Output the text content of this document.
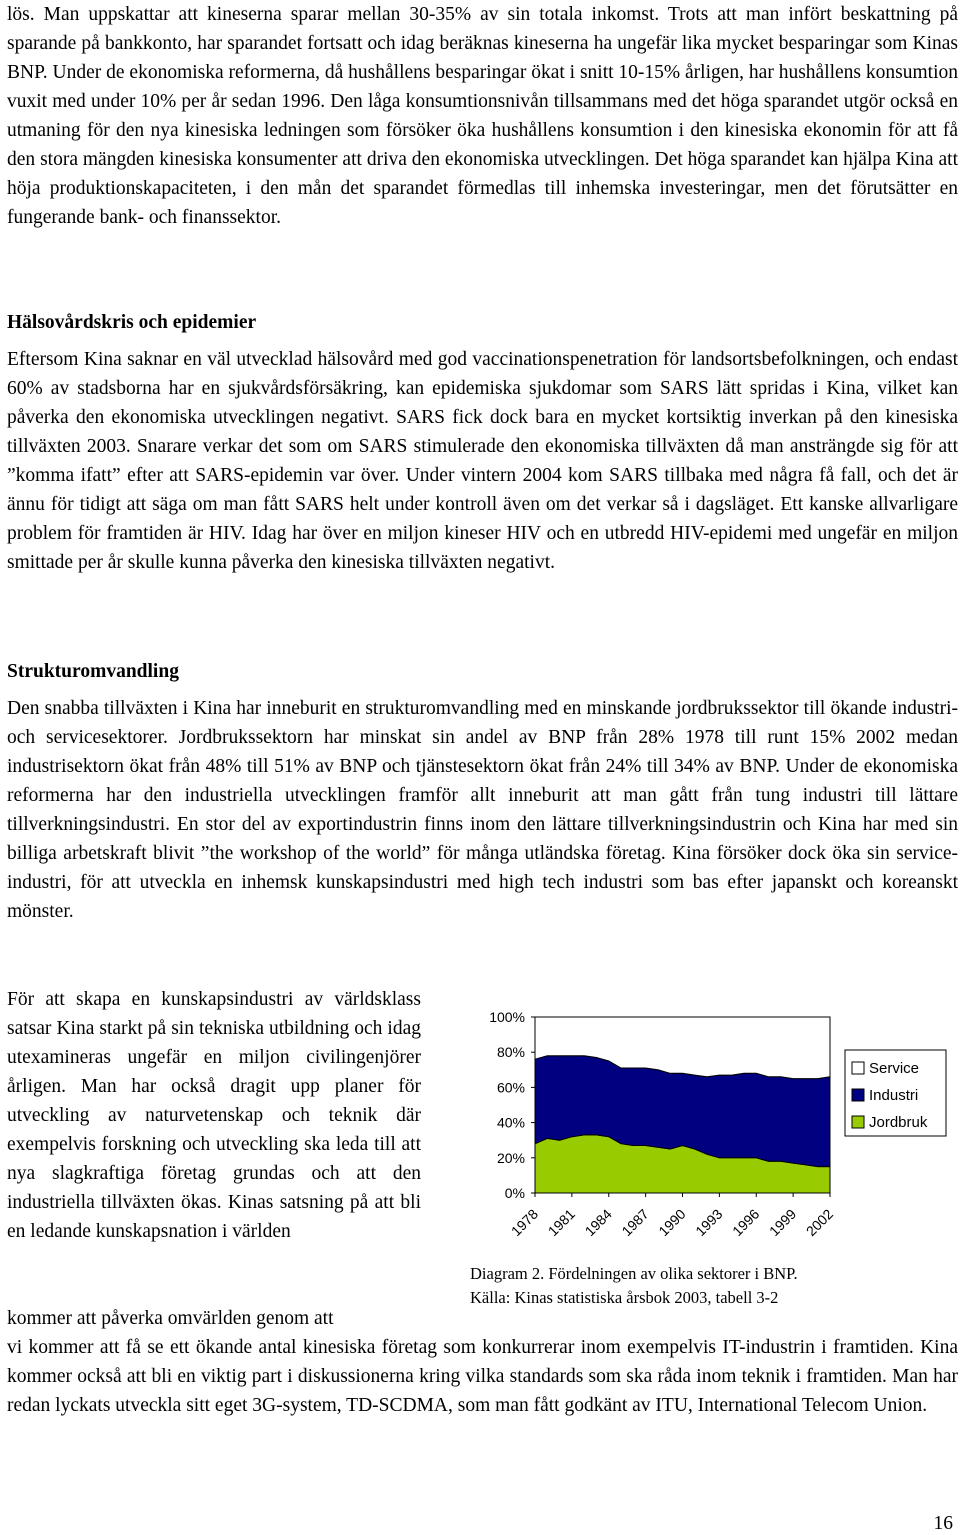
lös. Man uppskattar att kineserna sparar mellan 30-35% av sin totala inkomst. Trots att man infört beskattning på sparande på bankkonto, har sparandet fortsatt och idag beräknas kineserna ha ungefär lika mycket besparingar som Kinas BNP. Under de ekonomiska reformerna, då hushållens besparingar ökat i snitt 10-15% årligen, har hushållens konsumtion vuxit med under 10% per år sedan 1996. Den låga konsumtionsnivån tillsammans med det höga sparandet utgör också en utmaning för den nya kinesiska ledningen som försöker öka hushållens konsumtion i den kinesiska ekonomin för att få den stora mängden kinesiska konsumenter att driva den ekonomiska utvecklingen. Det höga sparandet kan hjälpa Kina att höja produktionskapaciteten, i den mån det sparandet förmedlas till inhemska investeringar, men det förutsätter en fungerande bank- och finanssektor.

Hälsovårdskris och epidemier

Eftersom Kina saknar en väl utvecklad hälsovård med god vaccinationspenetration för landsortsbefolkningen, och endast 60% av stadsborna har en sjukvårdsförsäkring, kan epidemiska sjukdomar som SARS lätt spridas i Kina, vilket kan påverka den ekonomiska utvecklingen negativt. SARS fick dock bara en mycket kortsiktig inverkan på den kinesiska tillväxten 2003. Snarare verkar det som om SARS stimulerade den ekonomiska tillväxten då man ansträngde sig för att ”komma ifatt” efter att SARS-epidemin var över. Under vintern 2004 kom SARS tillbaka med några få fall, och det är ännu för tidigt att säga om man fått SARS helt under kontroll även om det verkar så i dagsläget. Ett kanske allvarligare problem för framtiden är HIV. Idag har över en miljon kineser HIV och en utbredd HIV-epidemi med ungefär en miljon smittade per år skulle kunna påverka den kinesiska tillväxten negativt.

Strukturomvandling

Den snabba tillväxten i Kina har inneburit en strukturomvandling med en minskande jordbrukssektor till ökande industri- och servicesektorer. Jordbrukssektorn har minskat sin andel av BNP från 28% 1978 till runt 15% 2002 medan industrisektorn ökat från 48% till 51% av BNP och tjänstesektorn ökat från 24% till 34% av BNP. Under de ekonomiska reformerna har den industriella utvecklingen framför allt inneburit att man gått från tung industri till lättare tillverkningsindustri. En stor del av exportindustrin finns inom den lättare tillverkningsindustrin och Kina har med sin billiga arbetskraft blivit ”the workshop of the world” för många utländska företag. Kina försöker dock öka sin service-industri, för att utveckla en inhemsk kunskapsindustri med high tech industri som bas efter japanskt och koreanskt mönster.

För att skapa en kunskapsindustri av världsklass satsar Kina starkt på sin tekniska utbildning och idag utexamineras ungefär en miljon civilingenjörer årligen. Man har också dragit upp planer för utveckling av naturvetenskap och teknik där exempelvis forskning och utveckling ska leda till att nya slagkraftiga företag grundas och att den industriella tillväxten ökas. Kinas satsning på att bli en ledande kunskapsnation i världen

kommer att påverka omvärlden genom att

vi kommer att få se ett ökande antal kinesiska företag som konkurrerar inom exempelvis IT-industrin i framtiden. Kina kommer också att bli en viktig part i diskussionerna kring vilka standards som ska råda inom teknik i framtiden. Man har redan lyckats utveckla sitt eget 3G-system, TD-SCDMA, som man fått godkänt av ITU, International Telecom Union.

0%
20%
40%
60%
80%
100%
1978 1981 1984 1987 1990 1993 1996 1999 2002
Service
Industri
Jordbruk

Diagram 2. Fördelningen av olika sektorer i BNP.

Källa: Kinas statistiska årsbok 2003, tabell 3-2

16
